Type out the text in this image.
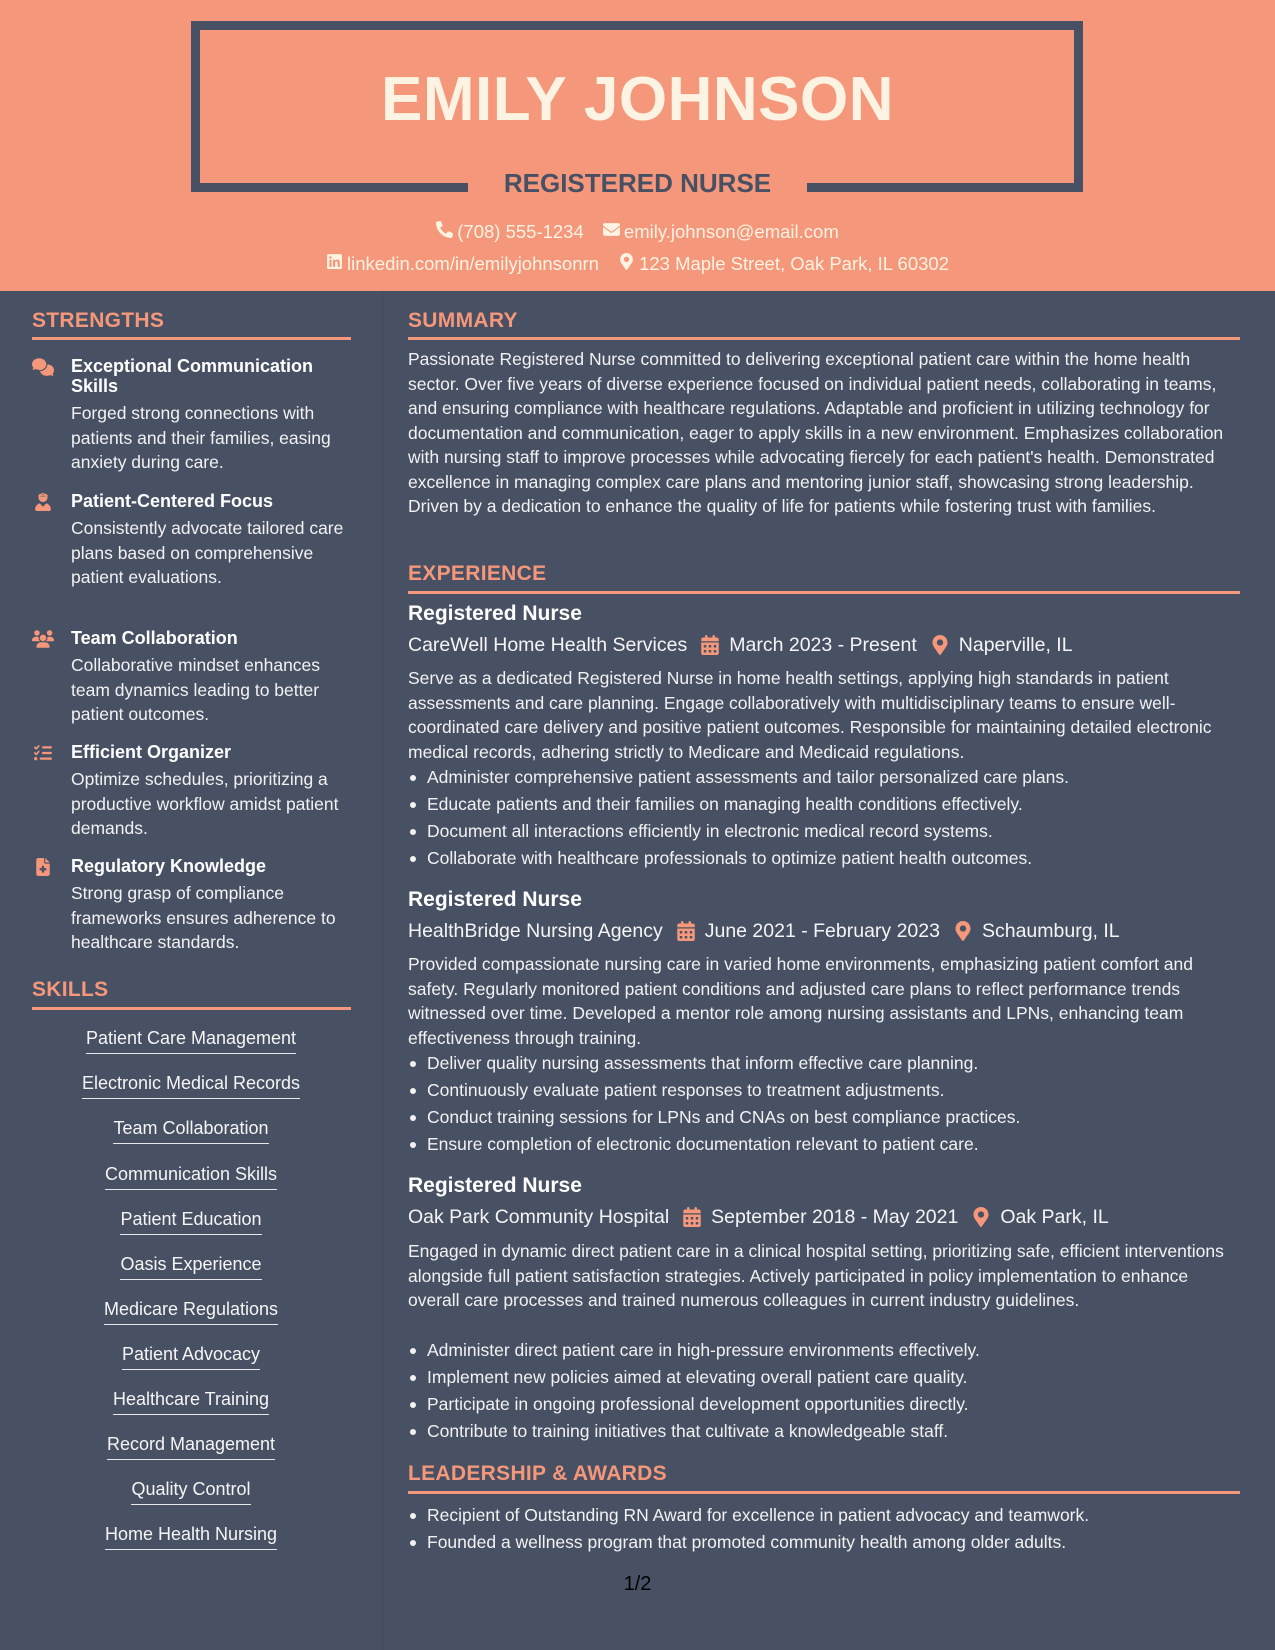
EMILY JOHNSON
REGISTERED NURSE
(708) 555-1234
emily.johnson@email.com
linkedin.com/in/emilyjohnsonrn
123 Maple Street, Oak Park, IL 60302
STRENGTHS
Exceptional Communication Skills
Forged strong connections with patients and their families, easing anxiety during care.
Patient-Centered Focus
Consistently advocate tailored care plans based on comprehensive patient evaluations.
Team Collaboration
Collaborative mindset enhances team dynamics leading to better patient outcomes.
Efficient Organizer
Optimize schedules, prioritizing a productive workflow amidst patient demands.
Regulatory Knowledge
Strong grasp of compliance frameworks ensures adherence to healthcare standards.
SKILLS
Patient Care Management
Electronic Medical Records
Team Collaboration
Communication Skills
Patient Education
Oasis Experience
Medicare Regulations
Patient Advocacy
Healthcare Training
Record Management
Quality Control
Home Health Nursing
SUMMARY
Passionate Registered Nurse committed to delivering exceptional patient care within the home health sector. Over five years of diverse experience focused on individual patient needs, collaborating in teams, and ensuring compliance with healthcare regulations. Adaptable and proficient in utilizing technology for documentation and communication, eager to apply skills in a new environment. Emphasizes collaboration with nursing staff to improve processes while advocating fiercely for each patient's health. Demonstrated excellence in managing complex care plans and mentoring junior staff, showcasing strong leadership. Driven by a dedication to enhance the quality of life for patients while fostering trust with families.
EXPERIENCE
Registered Nurse
CareWell Home Health Services March 2023 - Present Naperville, IL
Serve as a dedicated Registered Nurse in home health settings, applying high standards in patient assessments and care planning. Engage collaboratively with multidisciplinary teams to ensure well-coordinated care delivery and positive patient outcomes. Responsible for maintaining detailed electronic medical records, adhering strictly to Medicare and Medicaid regulations.
Administer comprehensive patient assessments and tailor personalized care plans.
Educate patients and their families on managing health conditions effectively.
Document all interactions efficiently in electronic medical record systems.
Collaborate with healthcare professionals to optimize patient health outcomes.
Registered Nurse
HealthBridge Nursing Agency June 2021 - February 2023 Schaumburg, IL
Provided compassionate nursing care in varied home environments, emphasizing patient comfort and safety. Regularly monitored patient conditions and adjusted care plans to reflect performance trends witnessed over time. Developed a mentor role among nursing assistants and LPNs, enhancing team effectiveness through training.
Deliver quality nursing assessments that inform effective care planning.
Continuously evaluate patient responses to treatment adjustments.
Conduct training sessions for LPNs and CNAs on best compliance practices.
Ensure completion of electronic documentation relevant to patient care.
Registered Nurse
Oak Park Community Hospital September 2018 - May 2021 Oak Park, IL
Engaged in dynamic direct patient care in a clinical hospital setting, prioritizing safe, efficient interventions alongside full patient satisfaction strategies. Actively participated in policy implementation to enhance overall care processes and trained numerous colleagues in current industry guidelines.
Administer direct patient care in high-pressure environments effectively.
Implement new policies aimed at elevating overall patient care quality.
Participate in ongoing professional development opportunities directly.
Contribute to training initiatives that cultivate a knowledgeable staff.
LEADERSHIP & AWARDS
Recipient of Outstanding RN Award for excellence in patient advocacy and teamwork.
Founded a wellness program that promoted community health among older adults.
1/2
